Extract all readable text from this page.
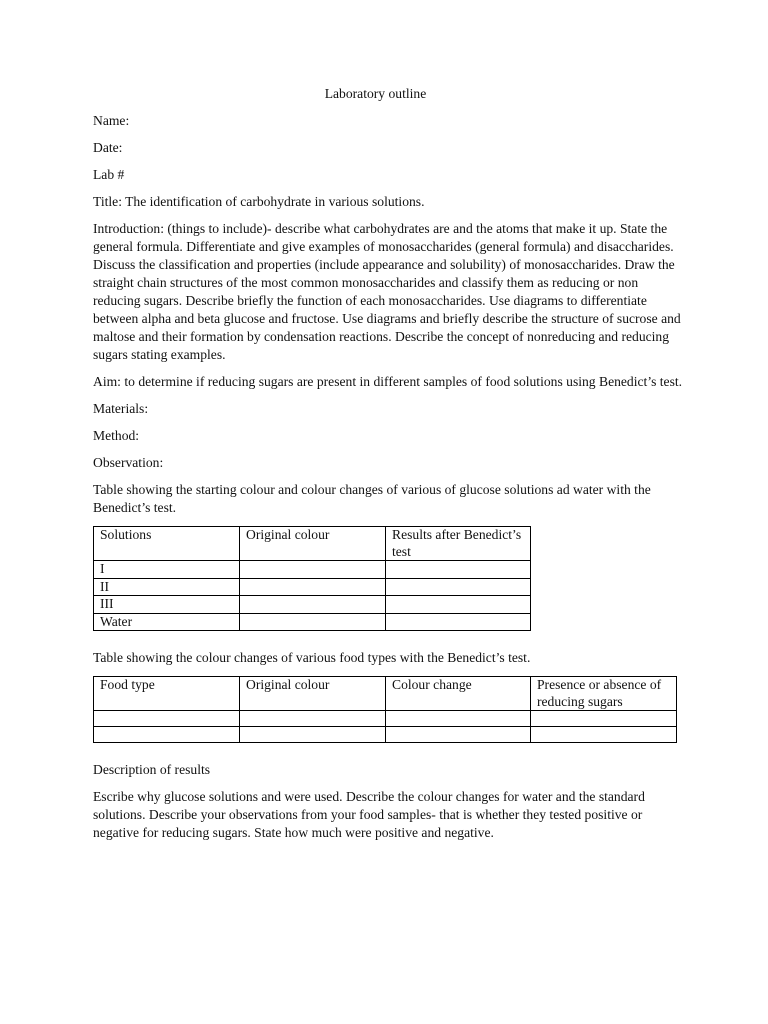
Laboratory outline

Name:

Date:

Lab #

Title: The identification of carbohydrate in various solutions.

Introduction: (things to include)- describe what carbohydrates are and the atoms that make it up. State the general formula. Differentiate and give examples of monosaccharides (general formula) and disaccharides. Discuss the classification and properties (include appearance and solubility) of monosaccharides. Draw the straight chain structures of the most common monosaccharides and classify them as reducing or non reducing sugars. Describe briefly the function of each monosaccharides. Use diagrams to differentiate between alpha and beta glucose and fructose. Use diagrams and briefly describe the structure of sucrose and maltose and their formation by condensation reactions. Describe the concept of nonreducing and reducing sugars stating examples.

Aim: to determine if reducing sugars are present in different samples of food solutions using Benedict’s test.

Materials:

Method:

Observation:

Table showing the starting colour and colour changes of various of glucose solutions ad water with the Benedict’s test.

Solutions	Original colour	Results after Benedict’s test
I		
II		
III		
Water		

Table showing the colour changes of various food types with the Benedict’s test.

Food type	Original colour	Colour change	Presence or absence of reducing sugars

Description of results

Escribe why glucose solutions and were used. Describe the colour changes for water and the standard solutions. Describe your observations from your food samples- that is whether they tested positive or negative for reducing sugars. State how much were positive and negative.
